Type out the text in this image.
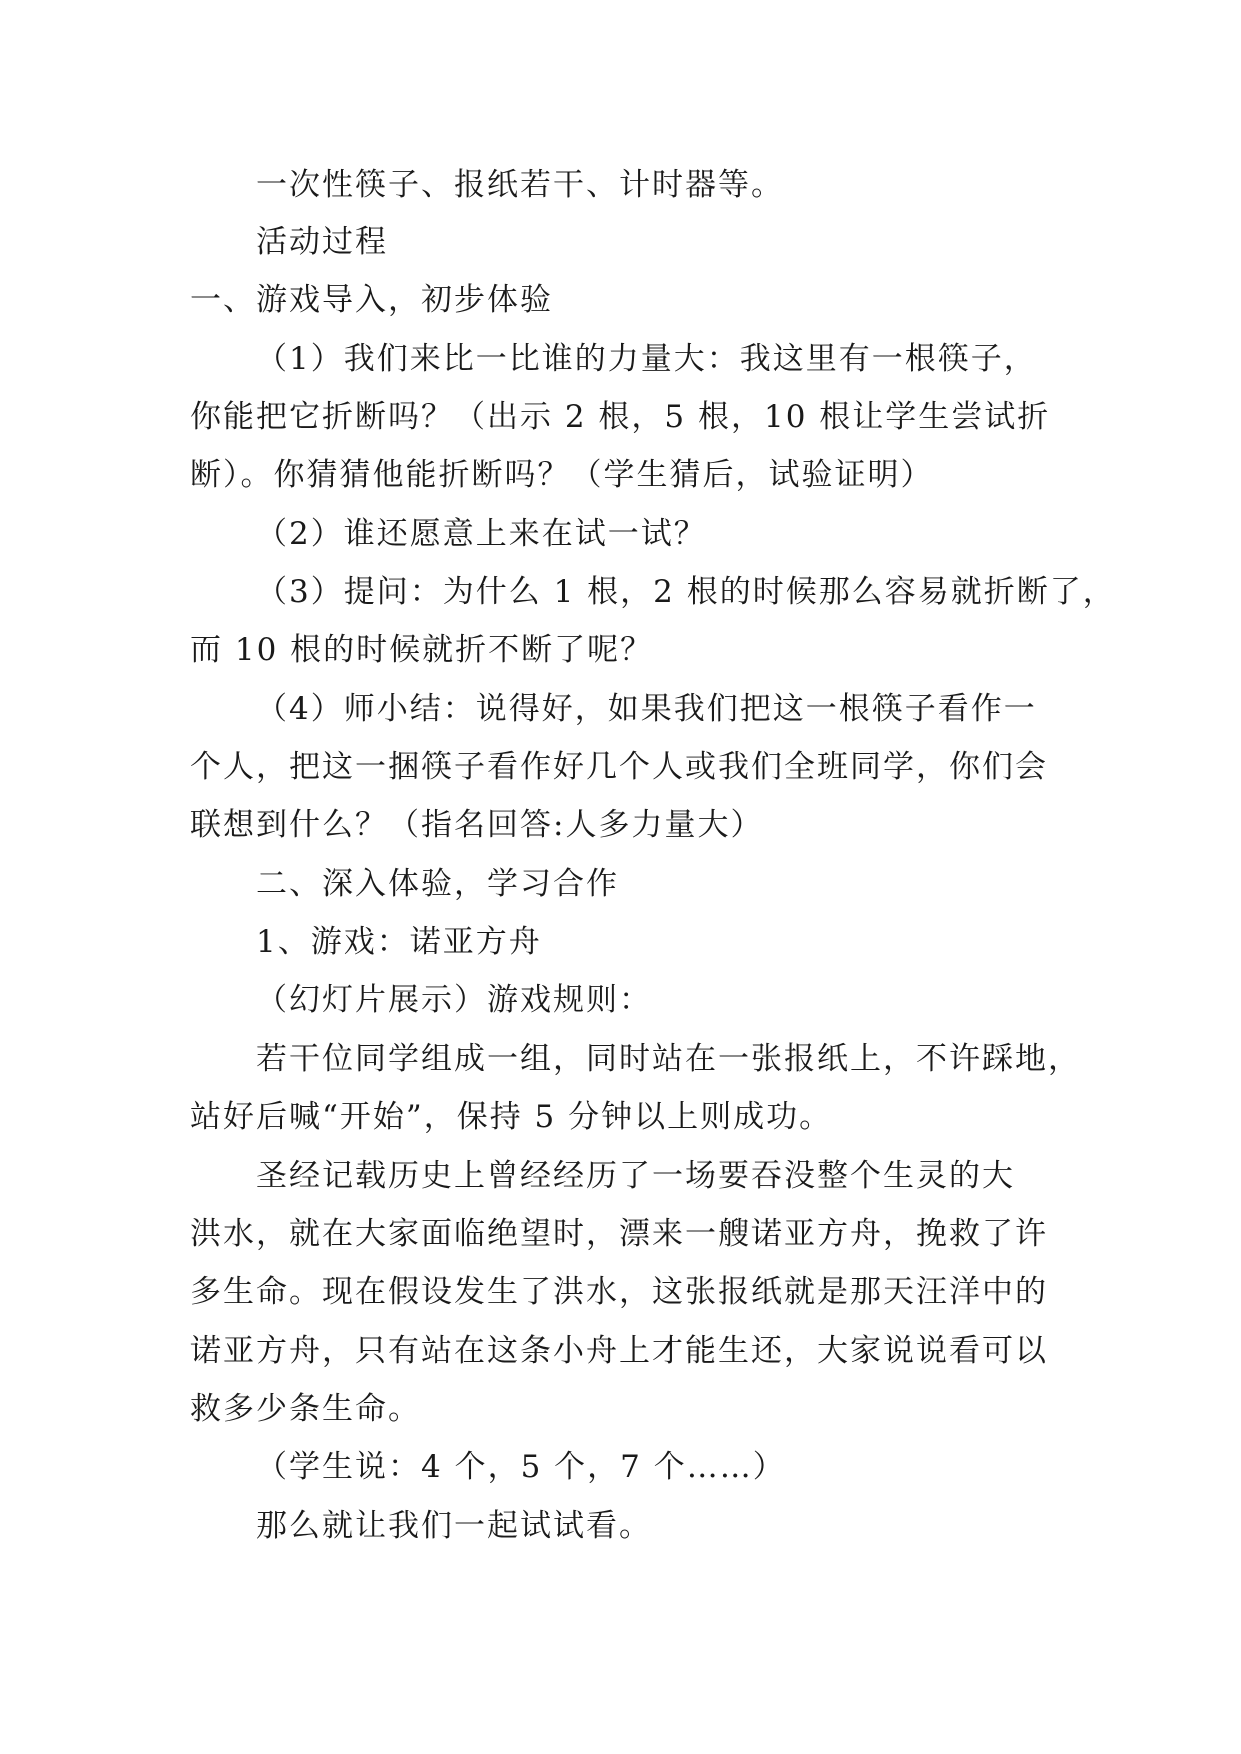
一次性筷子、报纸若干、计时器等。
活动过程
一、游戏导入，初步体验
（1）我们来比一比谁的力量大：我这里有一根筷子，
你能把它折断吗？（出示 2 根，5 根，10 根让学生尝试折
断）。你猜猜他能折断吗？（学生猜后，试验证明）
（2）谁还愿意上来在试一试？
（3）提问：为什么 1 根，2 根的时候那么容易就折断了，
而 10 根的时候就折不断了呢？
（4）师小结：说得好，如果我们把这一根筷子看作一
个人，把这一捆筷子看作好几个人或我们全班同学，你们会
联想到什么？（指名回答:人多力量大）
二、深入体验，学习合作
1、游戏：诺亚方舟
（幻灯片展示）游戏规则：
若干位同学组成一组，同时站在一张报纸上，不许踩地，
站好后喊“开始”，保持 5 分钟以上则成功。
圣经记载历史上曾经经历了一场要吞没整个生灵的大
洪水，就在大家面临绝望时，漂来一艘诺亚方舟，挽救了许
多生命。现在假设发生了洪水，这张报纸就是那天汪洋中的
诺亚方舟，只有站在这条小舟上才能生还，大家说说看可以
救多少条生命。
（学生说：4 个，5 个，7 个……）
那么就让我们一起试试看。
